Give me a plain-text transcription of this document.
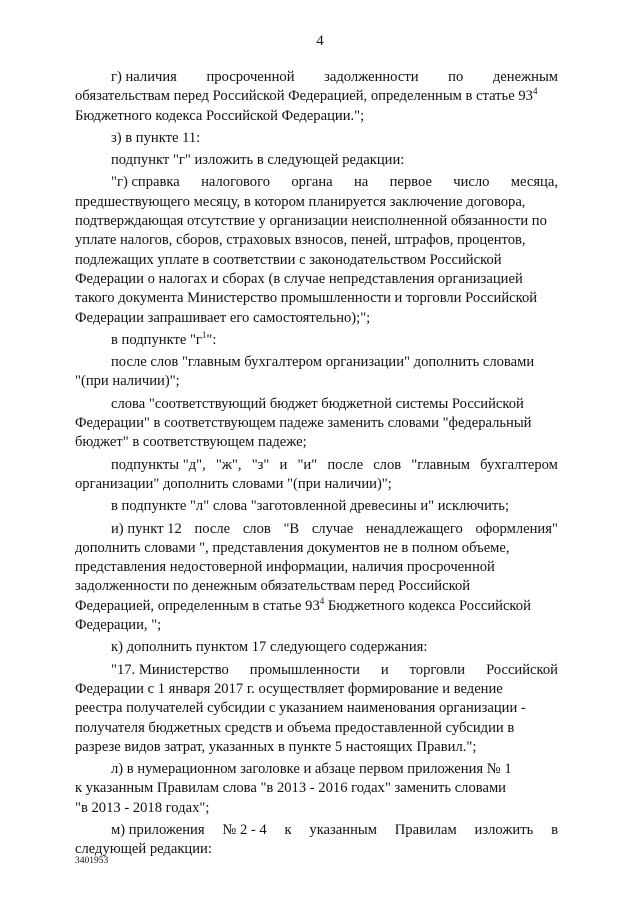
4
г) наличия просроченной задолженности по денежным
обязательствам перед Российской Федерацией, определенным в статье $93^4$
Бюджетного кодекса Российской Федерации.";
з) в пункте 11:
подпункт "г" изложить в следующей редакции:
"г) справка налогового органа на первое число месяца,
предшествующего месяцу, в котором планируется заключение договора,
подтверждающая отсутствие у организации неисполненной обязанности по
уплате налогов, сборов, страховых взносов, пеней, штрафов, процентов,
подлежащих уплате в соответствии с законодательством Российской
Федерации о налогах и сборах (в случае непредставления организацией
такого документа Министерство промышленности и торговли Российской
Федерации запрашивает его самостоятельно);";
в подпункте "$г^1$":
после слов "главным бухгалтером организации" дополнить словами
"(при наличии)";
слова "соответствующий бюджет бюджетной системы Российской
Федерации" в соответствующем падеже заменить словами "федеральный
бюджет" в соответствующем падеже;
подпункты "д", "ж", "з" и "и" после слов "главным бухгалтером
организации" дополнить словами "(при наличии)";
в подпункте "л" слова "заготовленной древесины и" исключить;
и) пункт 12 после слов "В случае ненадлежащего оформления"
дополнить словами ", представления документов не в полном объеме,
представления недостоверной информации, наличия просроченной
задолженности по денежным обязательствам перед Российской
Федерацией, определенным в статье $93^4$ Бюджетного кодекса Российской
Федерации, ";
к) дополнить пунктом 17 следующего содержания:
"17. Министерство промышленности и торговли Российской
Федерации с 1 января 2017 г. осуществляет формирование и ведение
реестра получателей субсидии с указанием наименования организации -
получателя бюджетных средств и объема предоставленной субсидии в
разрезе видов затрат, указанных в пункте 5 настоящих Правил.";
л) в нумерационном заголовке и абзаце первом приложения № 1
к указанным Правилам слова "в 2013 - 2016 годах" заменить словами
"в 2013 - 2018 годах";
м) приложения № 2 - 4 к указанным Правилам изложить в
следующей редакции:
3401953
